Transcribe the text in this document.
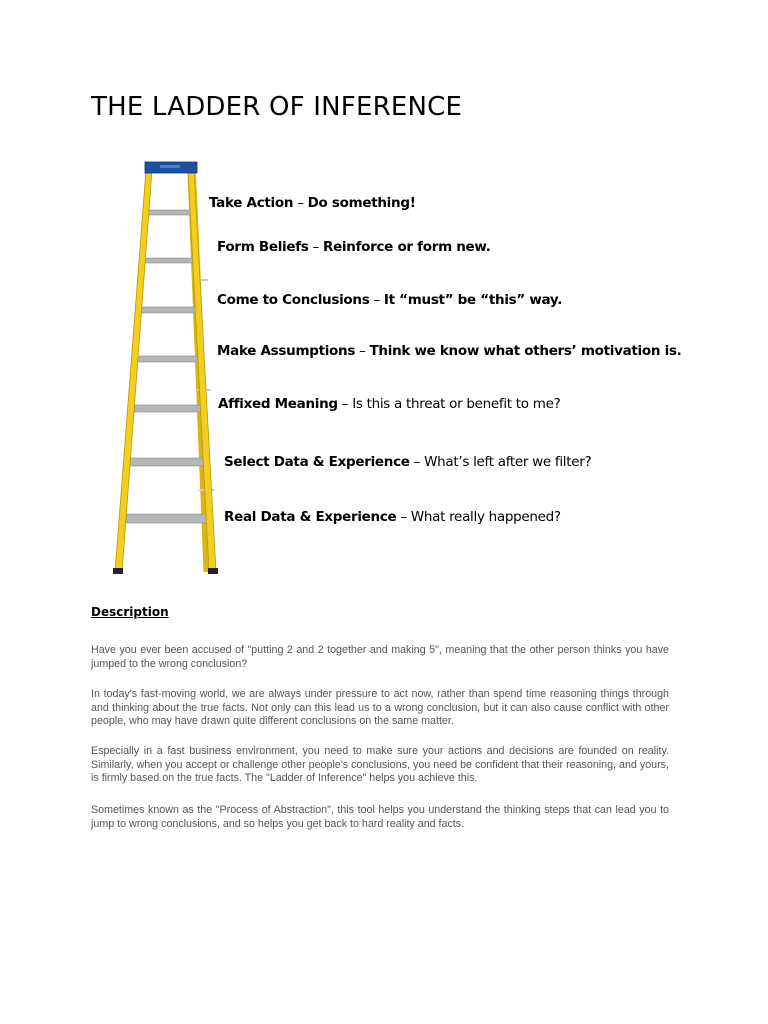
THE LADDER OF INFERENCE

Take Action – Do something!

Form Beliefs – Reinforce or form new.

Come to Conclusions – It “must” be “this” way.

Make Assumptions – Think we know what others’ motivation is.

Affixed Meaning – Is this a threat or benefit to me?

Select Data & Experience – What’s left after we filter?

Real Data & Experience – What really happened?

Description

Have you ever been accused of "putting 2 and 2 together and making 5", meaning that the other person thinks you have jumped to the wrong conclusion?

In today's fast-moving world, we are always under pressure to act now, rather than spend time reasoning things through and thinking about the true facts. Not only can this lead us to a wrong conclusion, but it can also cause conflict with other people, who may have drawn quite different conclusions on the same matter.

Especially in a fast business environment, you need to make sure your actions and decisions are founded on reality. Similarly, when you accept or challenge other people's conclusions, you need be confident that their reasoning, and yours, is firmly based on the true facts. The "Ladder of Inference" helps you achieve this.

Sometimes known as the "Process of Abstraction", this tool helps you understand the thinking steps that can lead you to jump to wrong conclusions, and so helps you get back to hard reality and facts.
